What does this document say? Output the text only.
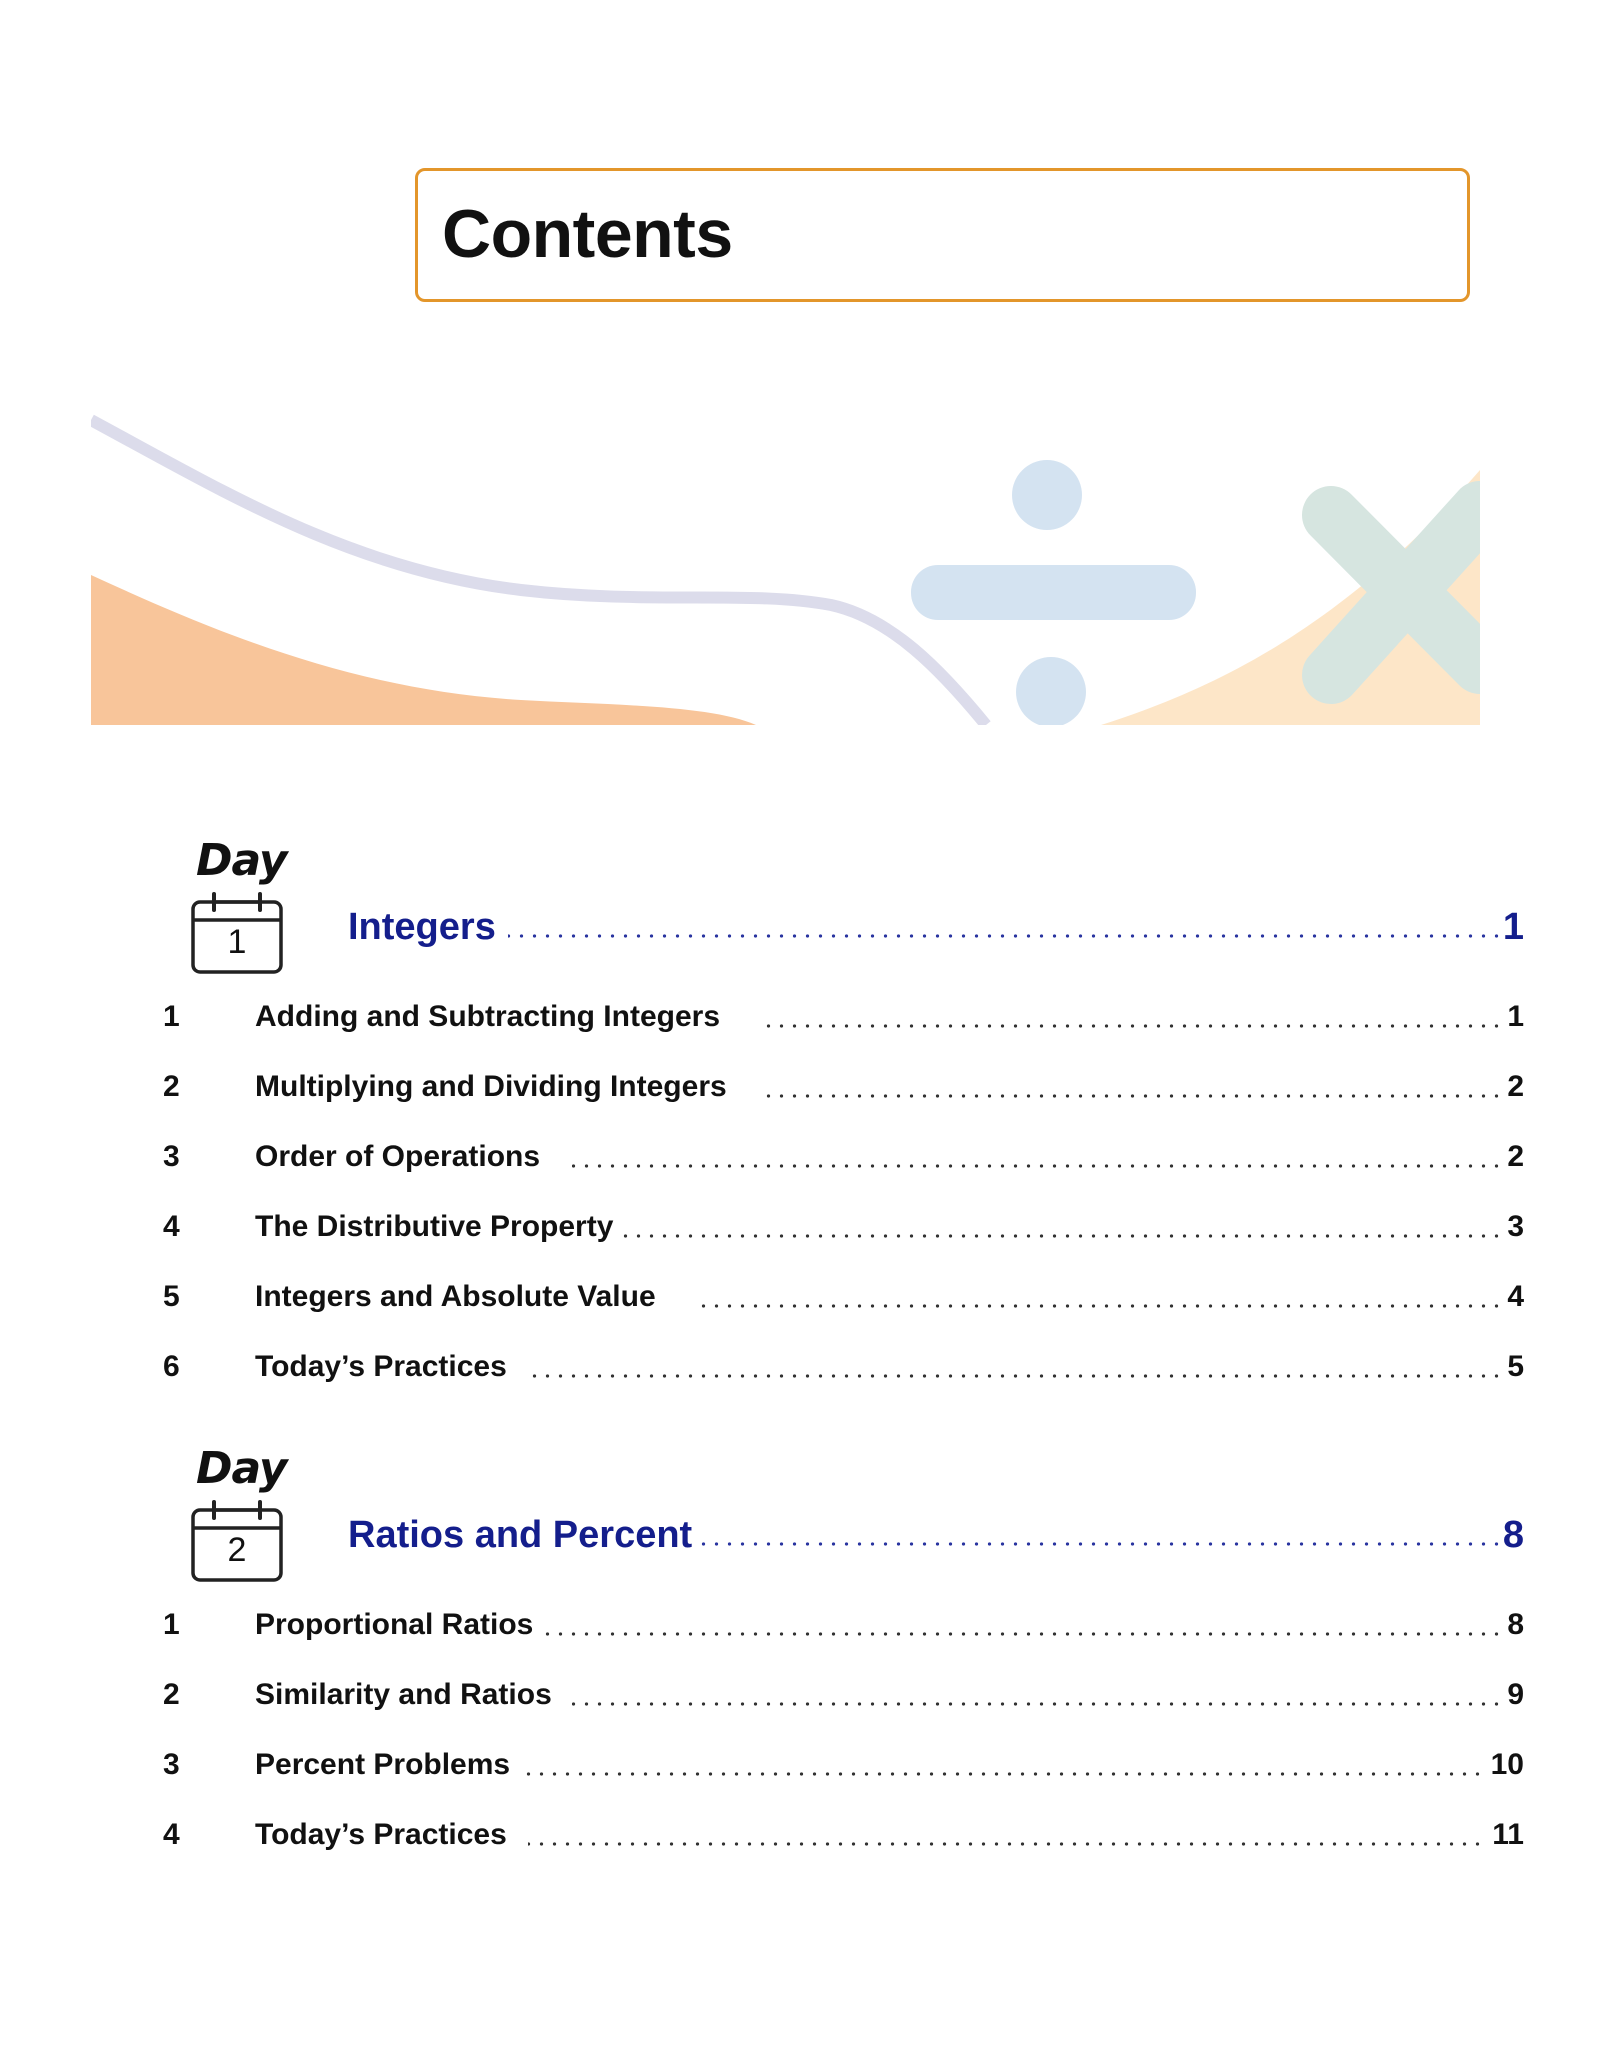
Contents
Day
1	Integers	1
1	Adding and Subtracting Integers	1
2	Multiplying and Dividing Integers	2
3	Order of Operations	2
4	The Distributive Property	3
5	Integers and Absolute Value	4
6	Today’s Practices	5
Day
2	Ratios and Percent	8
1	Proportional Ratios	8
2	Similarity and Ratios	9
3	Percent Problems	10
4	Today’s Practices	11
